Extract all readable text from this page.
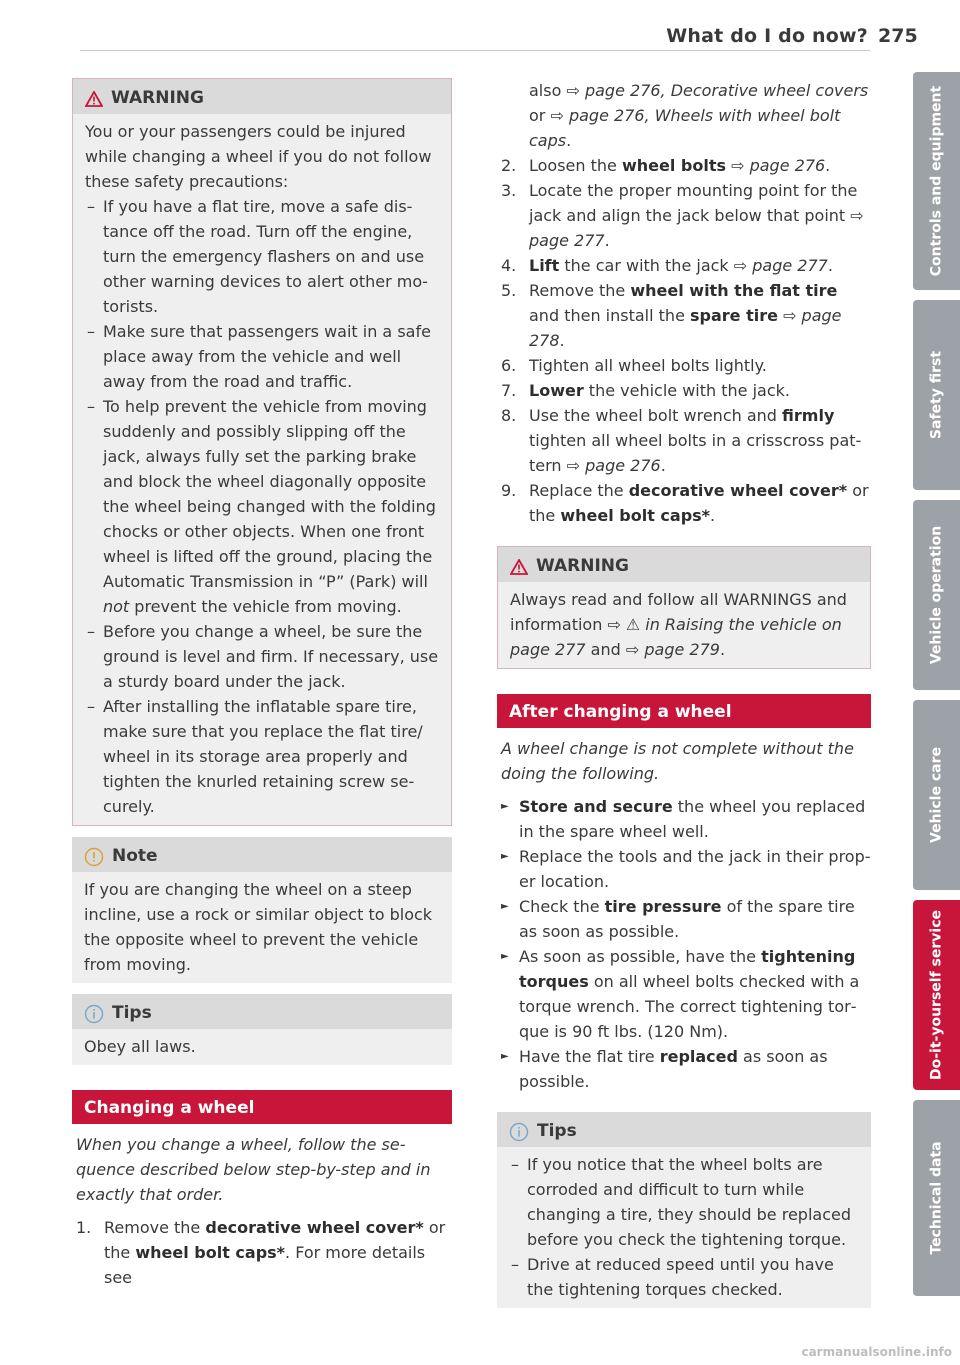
What do I do now? 275
WARNING
You or your passengers could be injured while changing a wheel if you do not follow these safety precautions:
– If you have a flat tire, move a safe distance off the road. Turn off the engine, turn the emergency flashers on and use other warning devices to alert other motorists.
– Make sure that passengers wait in a safe place away from the vehicle and well away from the road and traffic.
– To help prevent the vehicle from moving suddenly and possibly slipping off the jack, always fully set the parking brake and block the wheel diagonally opposite the wheel being changed with the folding chocks or other objects. When one front wheel is lifted off the ground, placing the Automatic Transmission in “P” (Park) will not prevent the vehicle from moving.
– Before you change a wheel, be sure the ground is level and firm. If necessary, use a sturdy board under the jack.
– After installing the inflatable spare tire, make sure that you replace the flat tire/ wheel in its storage area properly and tighten the knurled retaining screw securely.
Note
If you are changing the wheel on a steep incline, use a rock or similar object to block the opposite wheel to prevent the vehicle from moving.
Tips
Obey all laws.
Changing a wheel
When you change a wheel, follow the sequence described below step-by-step and in exactly that order.
1. Remove the decorative wheel cover* or the wheel bolt caps*. For more details see
also ⇨ page 276, Decorative wheel covers or ⇨ page 276, Wheels with wheel bolt caps.
2. Loosen the wheel bolts ⇨ page 276.
3. Locate the proper mounting point for the jack and align the jack below that point ⇨ page 277.
4. Lift the car with the jack ⇨ page 277.
5. Remove the wheel with the flat tire and then install the spare tire ⇨ page 278.
6. Tighten all wheel bolts lightly.
7. Lower the vehicle with the jack.
8. Use the wheel bolt wrench and firmly tighten all wheel bolts in a crisscross pattern ⇨ page 276.
9. Replace the decorative wheel cover* or the wheel bolt caps*.
WARNING
Always read and follow all WARNINGS and information ⇨ ⚠ in Raising the vehicle on page 277 and ⇨ page 279.
After changing a wheel
A wheel change is not complete without the doing the following.
► Store and secure the wheel you replaced in the spare wheel well.
► Replace the tools and the jack in their proper location.
► Check the tire pressure of the spare tire as soon as possible.
► As soon as possible, have the tightening torques on all wheel bolts checked with a torque wrench. The correct tightening torque is 90 ft lbs. (120 Nm).
► Have the flat tire replaced as soon as possible.
Tips
– If you notice that the wheel bolts are corroded and difficult to turn while changing a tire, they should be replaced before you check the tightening torque.
– Drive at reduced speed until you have the tightening torques checked.
Controls and equipment
Safety first
Vehicle operation
Vehicle care
Do-it-yourself service
Technical data
carmanualsonline.info
